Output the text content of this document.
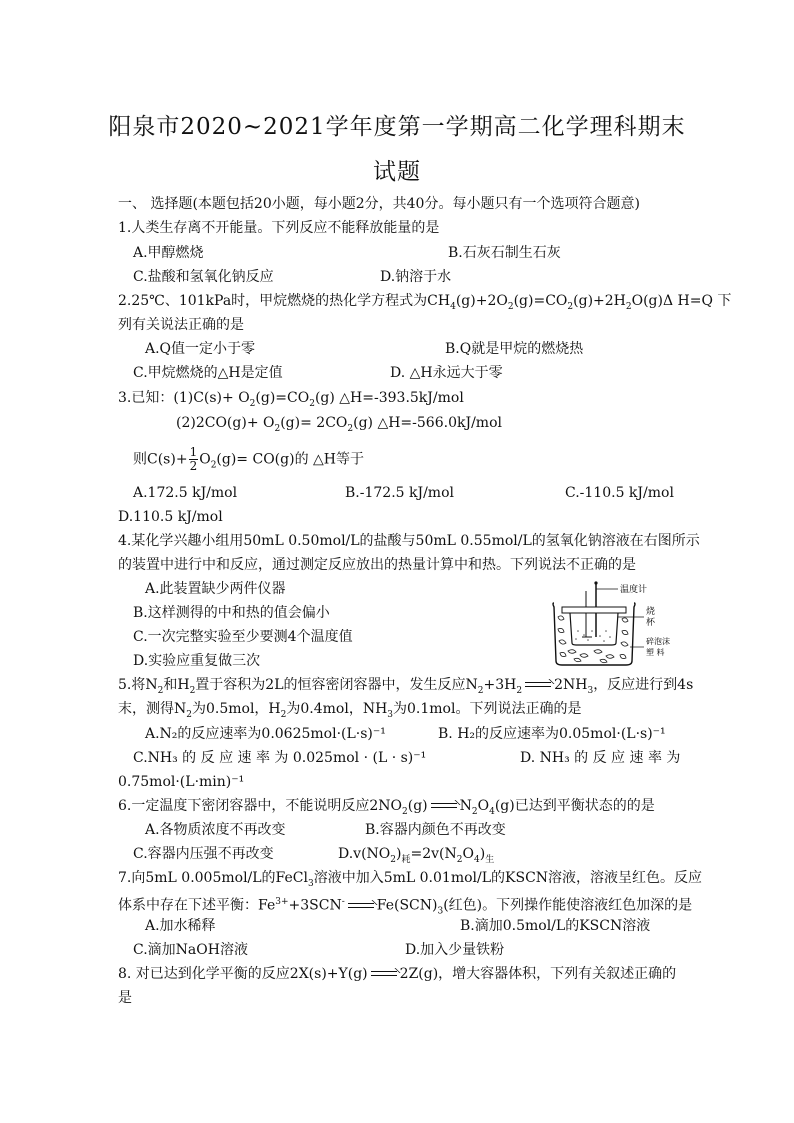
阳泉市2020~2021学年度第一学期高二化学理科期末
试题
一、 选择题(本题包括20小题，每小题2分，共40分。每小题只有一个选项符合题意)
1.人类生存离不开能量。下列反应不能释放能量的是
A.甲醇燃烧	B.石灰石制生石灰
C.盐酸和氢氧化钠反应	D.钠溶于水
2.25℃、101kPa时，甲烷燃烧的热化学方程式为$CH_4(g)+2O_2(g)=CO_2(g)+2H_2O(g)\Delta$ H=Q 下
列有关说法正确的是
A.Q值一定小于零	B.Q就是甲烷的燃烧热
C.甲烷燃烧的△H是定值	D. △H永远大于零
3.已知：$(1)C(s)+ O_2(g)=CO_2(g)$ △H=-393.5kJ/mol
$(2)2CO(g)+ O_2(g)= 2CO_2(g)$ △H=-566.0kJ/mol
则$C(s)+ \frac{1}{2} O_2(g)= CO(g)$的 △H等于
A.172.5 kJ/mol	B.-172.5 kJ/mol	C.-110.5 kJ/mol
D.110.5 kJ/mol
4.某化学兴趣小组用50mL 0.50mol/L的盐酸与50mL 0.55mol/L的氢氧化钠溶液在右图所示
的装置中进行中和反应，通过测定反应放出的热量计算中和热。下列说法不正确的是
A.此装置缺少两件仪器
B.这样测得的中和热的值会偏小
C.一次完整实验至少要测4个温度值
D.实验应重复做三次
温度计
烧
杯
碎泡沫
塑 料
5.将$N_2$和$H_2$置于容积为2L的恒容密闭容器中，发生反应$N_2+3H_2$ $2NH_3$，反应进行到4s
末，测得$N_2$为0.5mol，$H_2$为0.4mol，$NH_3$为0.1mol。下列说法正确的是
A.N₂的反应速率为0.0625mol·(L·s)⁻¹	B. H₂的反应速率为0.05mol·(L·s)⁻¹
C.NH₃ 的 反 应 速 率 为 0.025mol · (L · s)⁻¹	D. NH₃ 的 反 应 速 率 为
0.75mol·(L·min)⁻¹
6.一定温度下密闭容器中，不能说明反应$2NO_2(g)$ $N_2O_4(g)$已达到平衡状态的的是
A.各物质浓度不再改变	B.容器内颜色不再改变
C.容器内压强不再改变	$D.v(NO_2)_耗=2v(N_2O_4)_生$
7.向5mL 0.005mol/L的FeCl$_3$溶液中加入5mL 0.01mol/L的KSCN溶液，溶液呈红色。反应
体系中存在下述平衡：$Fe^{3+}+3SCN^-$ $Fe(SCN)_3$(红色)。下列操作能使溶液红色加深的是
A.加水稀释	B.滴加0.5mol/L的KSCN溶液
C.滴加NaOH溶液	D.加入少量铁粉
8. 对已达到化学平衡的反应2X(s)+Y(g) 2Z(g)，增大容器体积，下列有关叙述正确的
是
